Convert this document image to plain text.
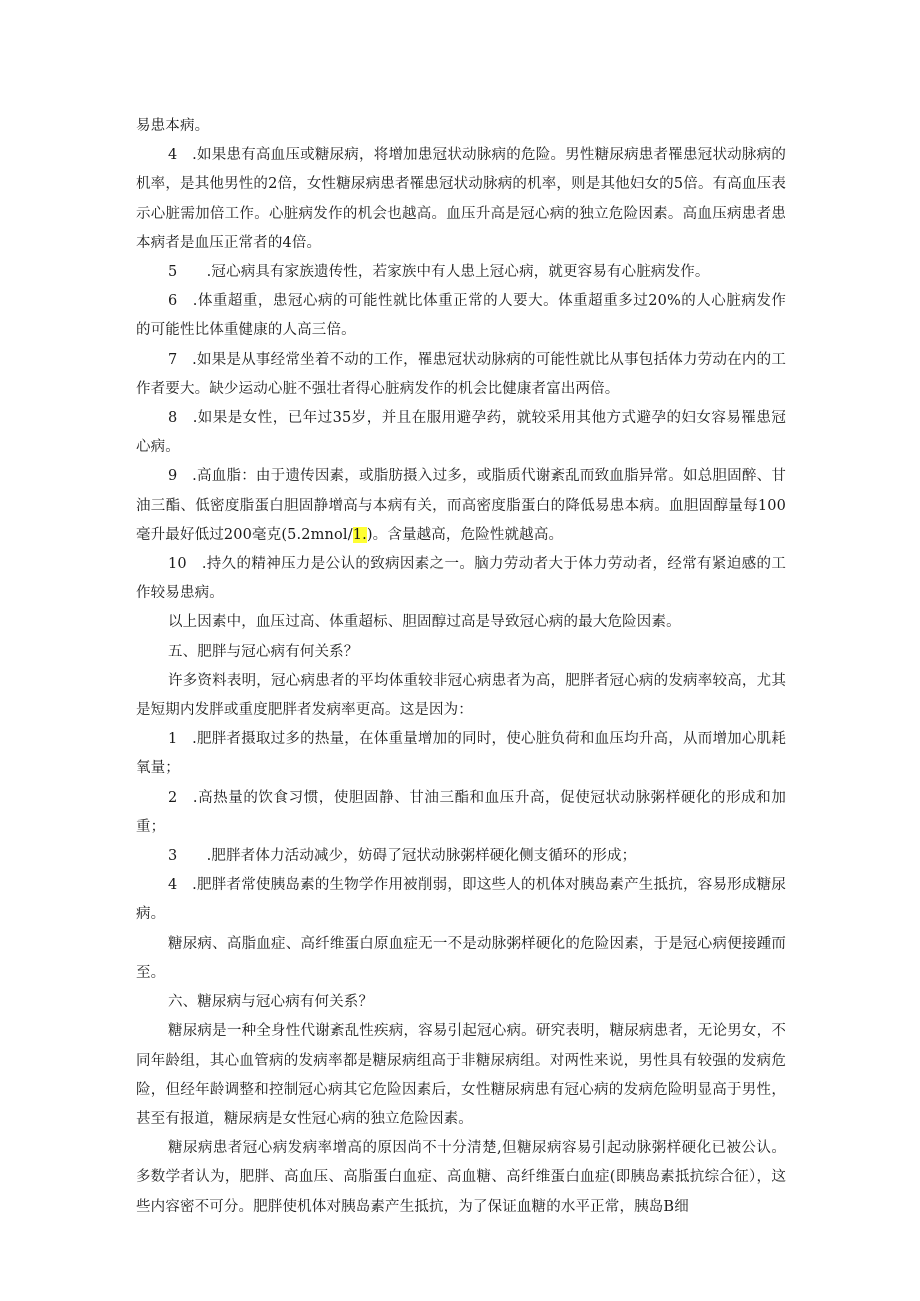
易患本病。

4　.如果患有高血压或糖尿病，将增加患冠状动脉病的危险。男性糖尿病患者罹患冠状动脉病的机率，是其他男性的2倍，女性糖尿病患者罹患冠状动脉病的机率，则是其他妇女的5倍。有高血压表示心脏需加倍工作。心脏病发作的机会也越高。血压升高是冠心病的独立危险因素。高血压病患者患本病者是血压正常者的4倍。

5　　.冠心病具有家族遗传性，若家族中有人患上冠心病，就更容易有心脏病发作。

6　.体重超重，患冠心病的可能性就比体重正常的人要大。体重超重多过20%的人心脏病发作的可能性比体重健康的人高三倍。

7　.如果是从事经常坐着不动的工作，罹患冠状动脉病的可能性就比从事包括体力劳动在内的工作者要大。缺少运动心脏不强壮者得心脏病发作的机会比健康者富出两倍。

8　.如果是女性，已年过35岁，并且在服用避孕药，就较采用其他方式避孕的妇女容易罹患冠心病。

9　.高血脂：由于遗传因素，或脂肪摄入过多，或脂质代谢紊乱而致血脂异常。如总胆固醉、甘油三酯、低密度脂蛋白胆固静增高与本病有关，而高密度脂蛋白的降低易患本病。血胆固醇量每100毫升最好低过200毫克(5.2mnol/1.)。含量越高，危险性就越高。

10　.持久的精神压力是公认的致病因素之一。脑力劳动者大于体力劳动者，经常有紧迫感的工作较易患病。

以上因素中，血压过高、体重超标、胆固醇过高是导致冠心病的最大危险因素。

五、肥胖与冠心病有何关系？

许多资料表明，冠心病患者的平均体重较非冠心病患者为高，肥胖者冠心病的发病率较高，尤其是短期内发胖或重度肥胖者发病率更高。这是因为：

1　.肥胖者摄取过多的热量，在体重量增加的同时，使心脏负荷和血压均升高，从而增加心肌耗氧量；

2　.高热量的饮食习惯，使胆固静、甘油三酯和血压升高，促使冠状动脉粥样硬化的形成和加重；

3　　.肥胖者体力活动减少，妨碍了冠状动脉粥样硬化侧支循环的形成；

4　.肥胖者常使胰岛素的生物学作用被削弱，即这些人的机体对胰岛素产生抵抗，容易形成糖尿病。

糖尿病、高脂血症、高纤维蛋白原血症无一不是动脉粥样硬化的危险因素，于是冠心病便接踵而至。

六、糖尿病与冠心病有何关系？

糖尿病是一种全身性代谢紊乱性疾病，容易引起冠心病。研究表明，糖尿病患者，无论男女，不同年龄组，其心血管病的发病率都是糖尿病组高于非糖尿病组。对两性来说，男性具有较强的发病危险，但经年龄调整和控制冠心病其它危险因素后，女性糖尿病患有冠心病的发病危险明显高于男性，甚至有报道，糖尿病是女性冠心病的独立危险因素。

糖尿病患者冠心病发病率增高的原因尚不十分清楚,但糖尿病容易引起动脉粥样硬化已被公认。多数学者认为，肥胖、高血压、高脂蛋白血症、高血糖、高纤维蛋白血症(即胰岛素抵抗综合征），这些内容密不可分。肥胖使机体对胰岛素产生抵抗，为了保证血糖的水平正常，胰岛B细
